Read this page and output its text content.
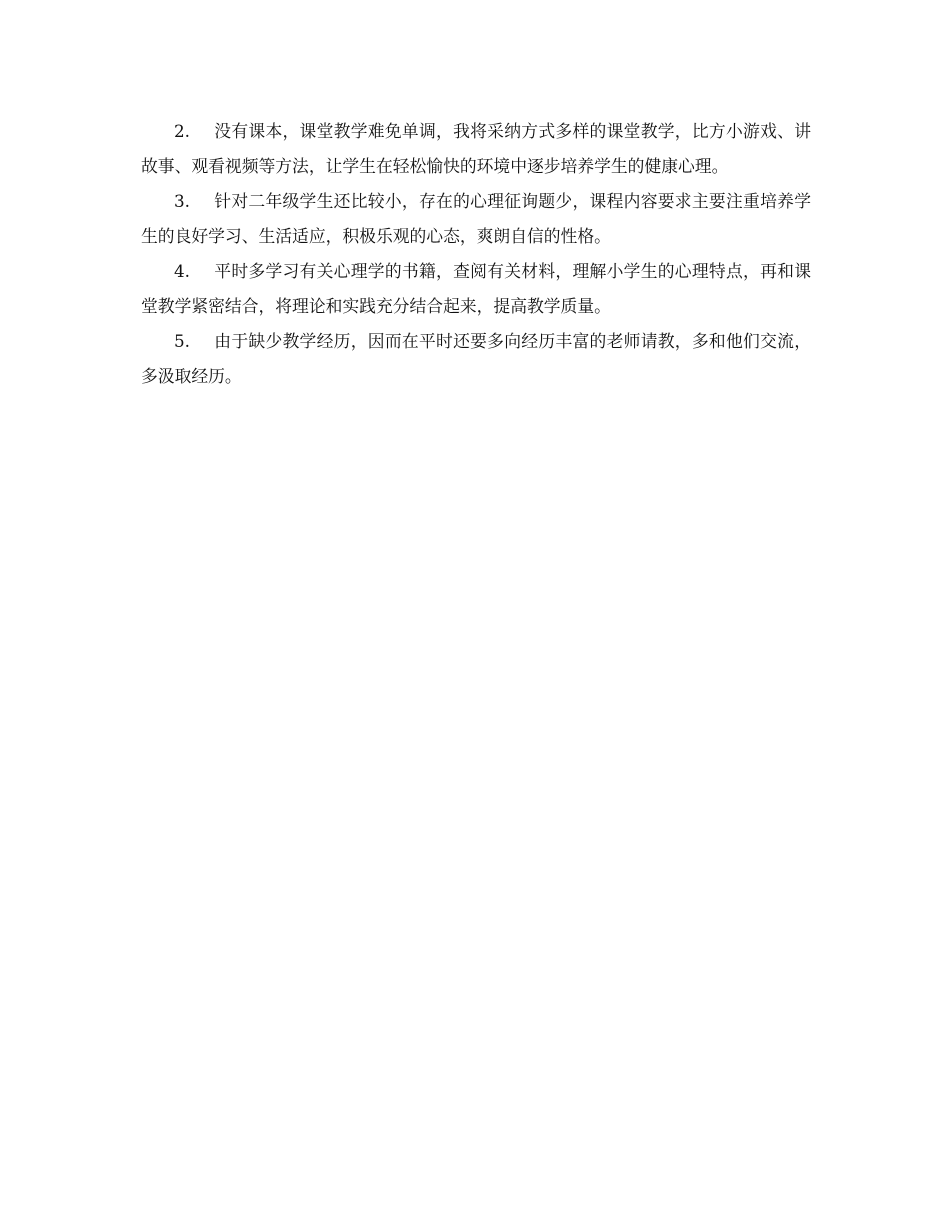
2. 没有课本，课堂教学难免单调，我将采纳方式多样的课堂教学，比方小游戏、讲故事、观看视频等方法，让学生在轻松愉快的环境中逐步培养学生的健康心理。

3. 针对二年级学生还比较小，存在的心理征询题少，课程内容要求主要注重培养学生的良好学习、生活适应，积极乐观的心态，爽朗自信的性格。

4. 平时多学习有关心理学的书籍，查阅有关材料，理解小学生的心理特点，再和课堂教学紧密结合，将理论和实践充分结合起来，提高教学质量。

5. 由于缺少教学经历，因而在平时还要多向经历丰富的老师请教，多和他们交流，多汲取经历。
